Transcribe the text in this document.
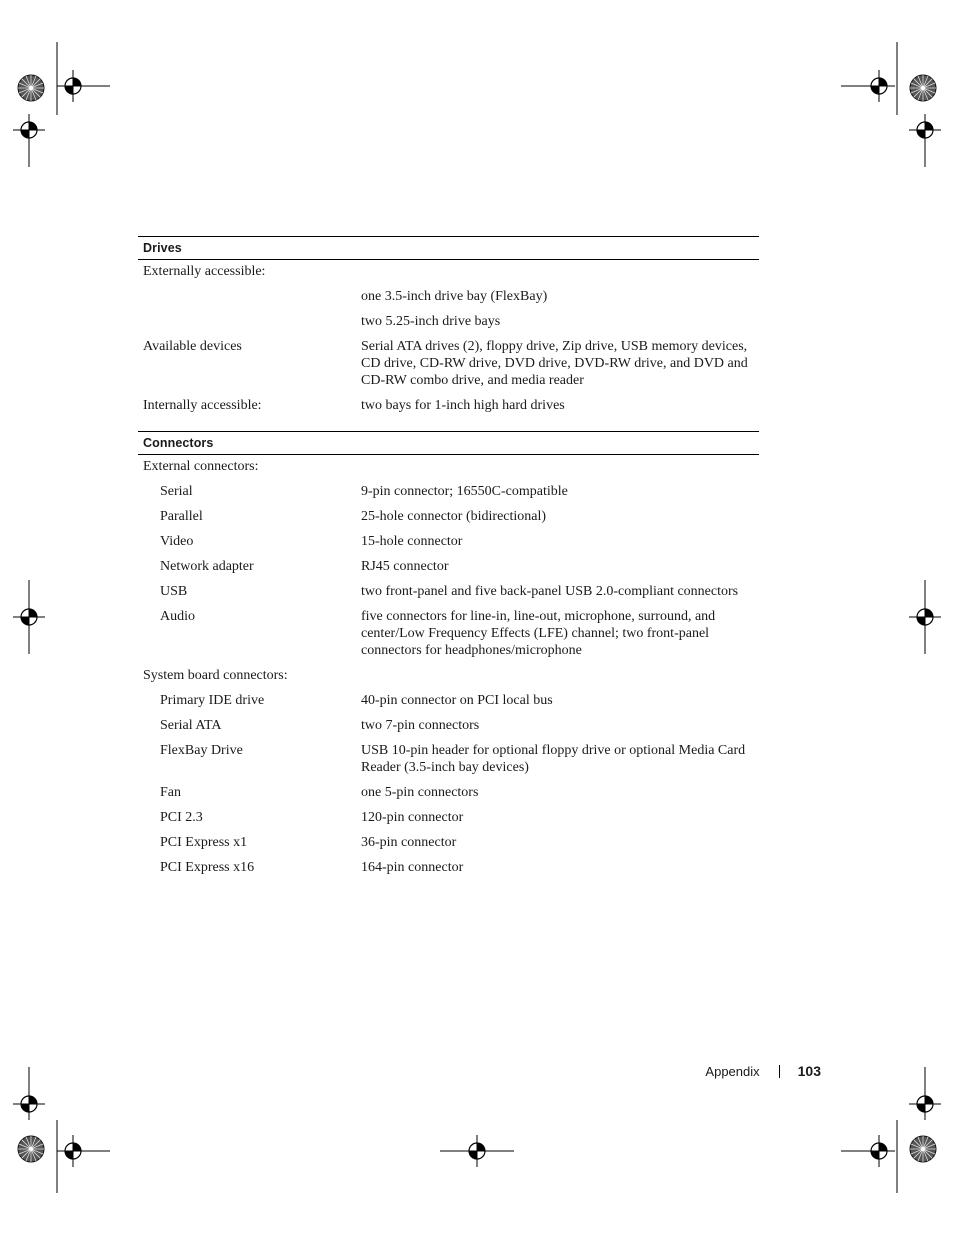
Drives
Externally accessible:
one 3.5-inch drive bay (FlexBay)
two 5.25-inch drive bays
Available devices	Serial ATA drives (2), floppy drive, Zip drive, USB memory devices, CD drive, CD-RW drive, DVD drive, DVD-RW drive, and DVD and CD-RW combo drive, and media reader
Internally accessible:	two bays for 1-inch high hard drives
Connectors
External connectors:
Serial	9-pin connector; 16550C-compatible
Parallel	25-hole connector (bidirectional)
Video	15-hole connector
Network adapter	RJ45 connector
USB	two front-panel and five back-panel USB 2.0-compliant connectors
Audio	five connectors for line-in, line-out, microphone, surround, and center/Low Frequency Effects (LFE) channel; two front-panel connectors for headphones/microphone
System board connectors:
Primary IDE drive	40-pin connector on PCI local bus
Serial ATA	two 7-pin connectors
FlexBay Drive	USB 10-pin header for optional floppy drive or optional Media Card Reader (3.5-inch bay devices)
Fan	one 5-pin connectors
PCI 2.3	120-pin connector
PCI Express x1	36-pin connector
PCI Express x16	164-pin connector
Appendix	103
